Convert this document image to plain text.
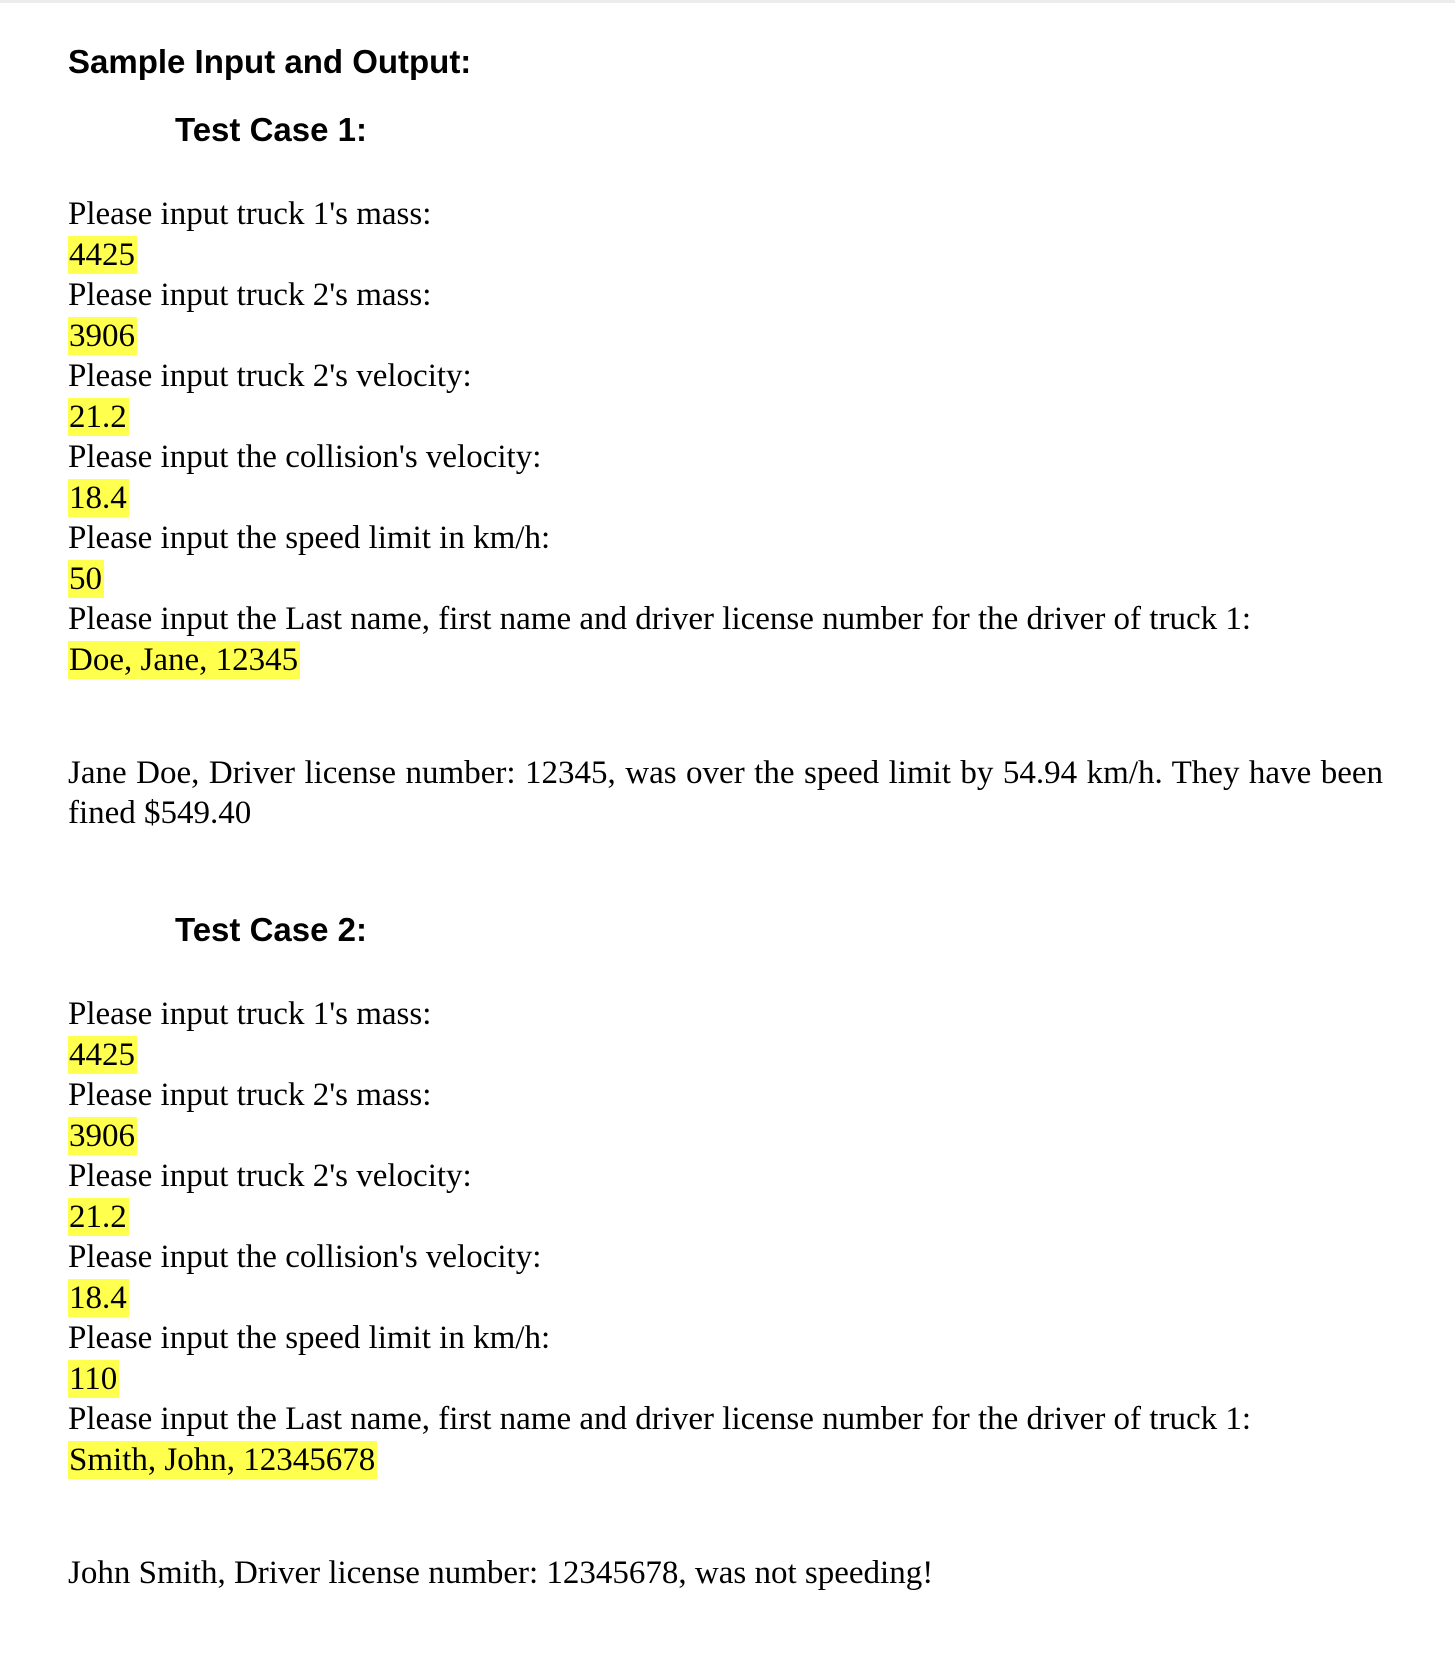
Sample Input and Output:
Test Case 1:
Please input truck 1's mass:
4425
Please input truck 2's mass:
3906
Please input truck 2's velocity:
21.2
Please input the collision's velocity:
18.4
Please input the speed limit in km/h:
50
Please input the Last name, first name and driver license number for the driver of truck 1:
Doe, Jane, 12345

Jane Doe, Driver license number: 12345, was over the speed limit by 54.94 km/h. They have been fined $549.40

Test Case 2:
Please input truck 1's mass:
4425
Please input truck 2's mass:
3906
Please input truck 2's velocity:
21.2
Please input the collision's velocity:
18.4
Please input the speed limit in km/h:
110
Please input the Last name, first name and driver license number for the driver of truck 1:
Smith, John, 12345678

John Smith, Driver license number: 12345678, was not speeding!
